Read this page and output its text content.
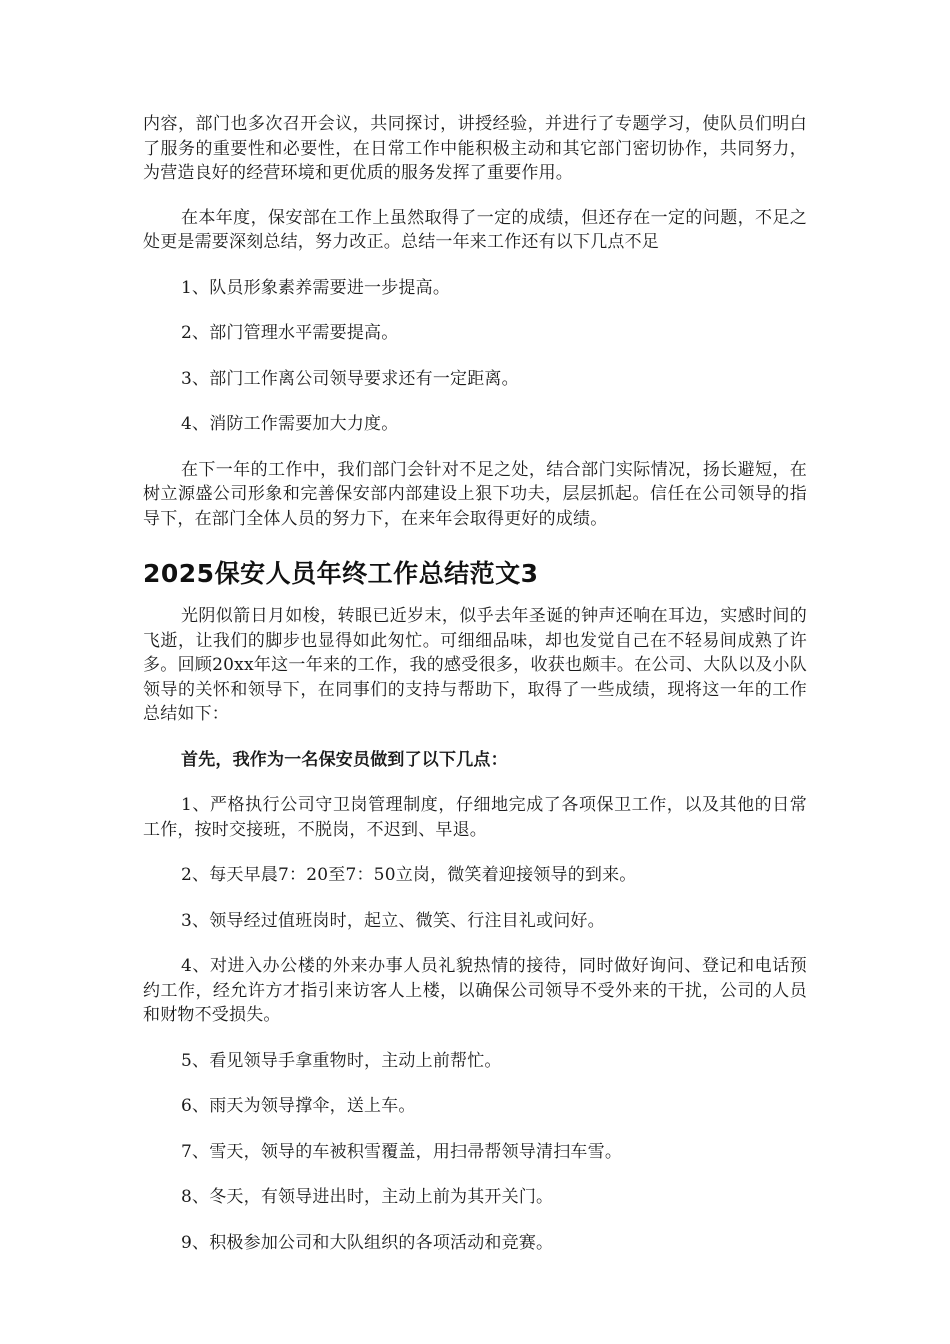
内容，部门也多次召开会议，共同探讨，讲授经验，并进行了专题学习，使队员们明白了服务的重要性和必要性，在日常工作中能积极主动和其它部门密切协作，共同努力，为营造良好的经营环境和更优质的服务发挥了重要作用。

在本年度，保安部在工作上虽然取得了一定的成绩，但还存在一定的问题，不足之处更是需要深刻总结，努力改正。总结一年来工作还有以下几点不足

1、队员形象素养需要进一步提高。

2、部门管理水平需要提高。

3、部门工作离公司领导要求还有一定距离。

4、消防工作需要加大力度。

在下一年的工作中，我们部门会针对不足之处，结合部门实际情况，扬长避短，在树立源盛公司形象和完善保安部内部建设上狠下功夫，层层抓起。信任在公司领导的指导下，在部门全体人员的努力下，在来年会取得更好的成绩。

2025保安人员年终工作总结范文3

光阴似箭日月如梭，转眼已近岁末，似乎去年圣诞的钟声还响在耳边，实感时间的飞逝，让我们的脚步也显得如此匆忙。可细细品味，却也发觉自己在不轻易间成熟了许多。回顾20xx年这一年来的工作，我的感受很多，收获也颇丰。在公司、大队以及小队领导的关怀和领导下，在同事们的支持与帮助下，取得了一些成绩，现将这一年的工作总结如下：

首先，我作为一名保安员做到了以下几点：

1、严格执行公司守卫岗管理制度，仔细地完成了各项保卫工作，以及其他的日常工作，按时交接班，不脱岗，不迟到、早退。

2、每天早晨7：20至7：50立岗，微笑着迎接领导的到来。

3、领导经过值班岗时，起立、微笑、行注目礼或问好。

4、对进入办公楼的外来办事人员礼貌热情的接待，同时做好询问、登记和电话预约工作，经允许方才指引来访客人上楼，以确保公司领导不受外来的干扰，公司的人员和财物不受损失。

5、看见领导手拿重物时，主动上前帮忙。

6、雨天为领导撑伞，送上车。

7、雪天，领导的车被积雪覆盖，用扫帚帮领导清扫车雪。

8、冬天，有领导进出时，主动上前为其开关门。

9、积极参加公司和大队组织的各项活动和竞赛。
